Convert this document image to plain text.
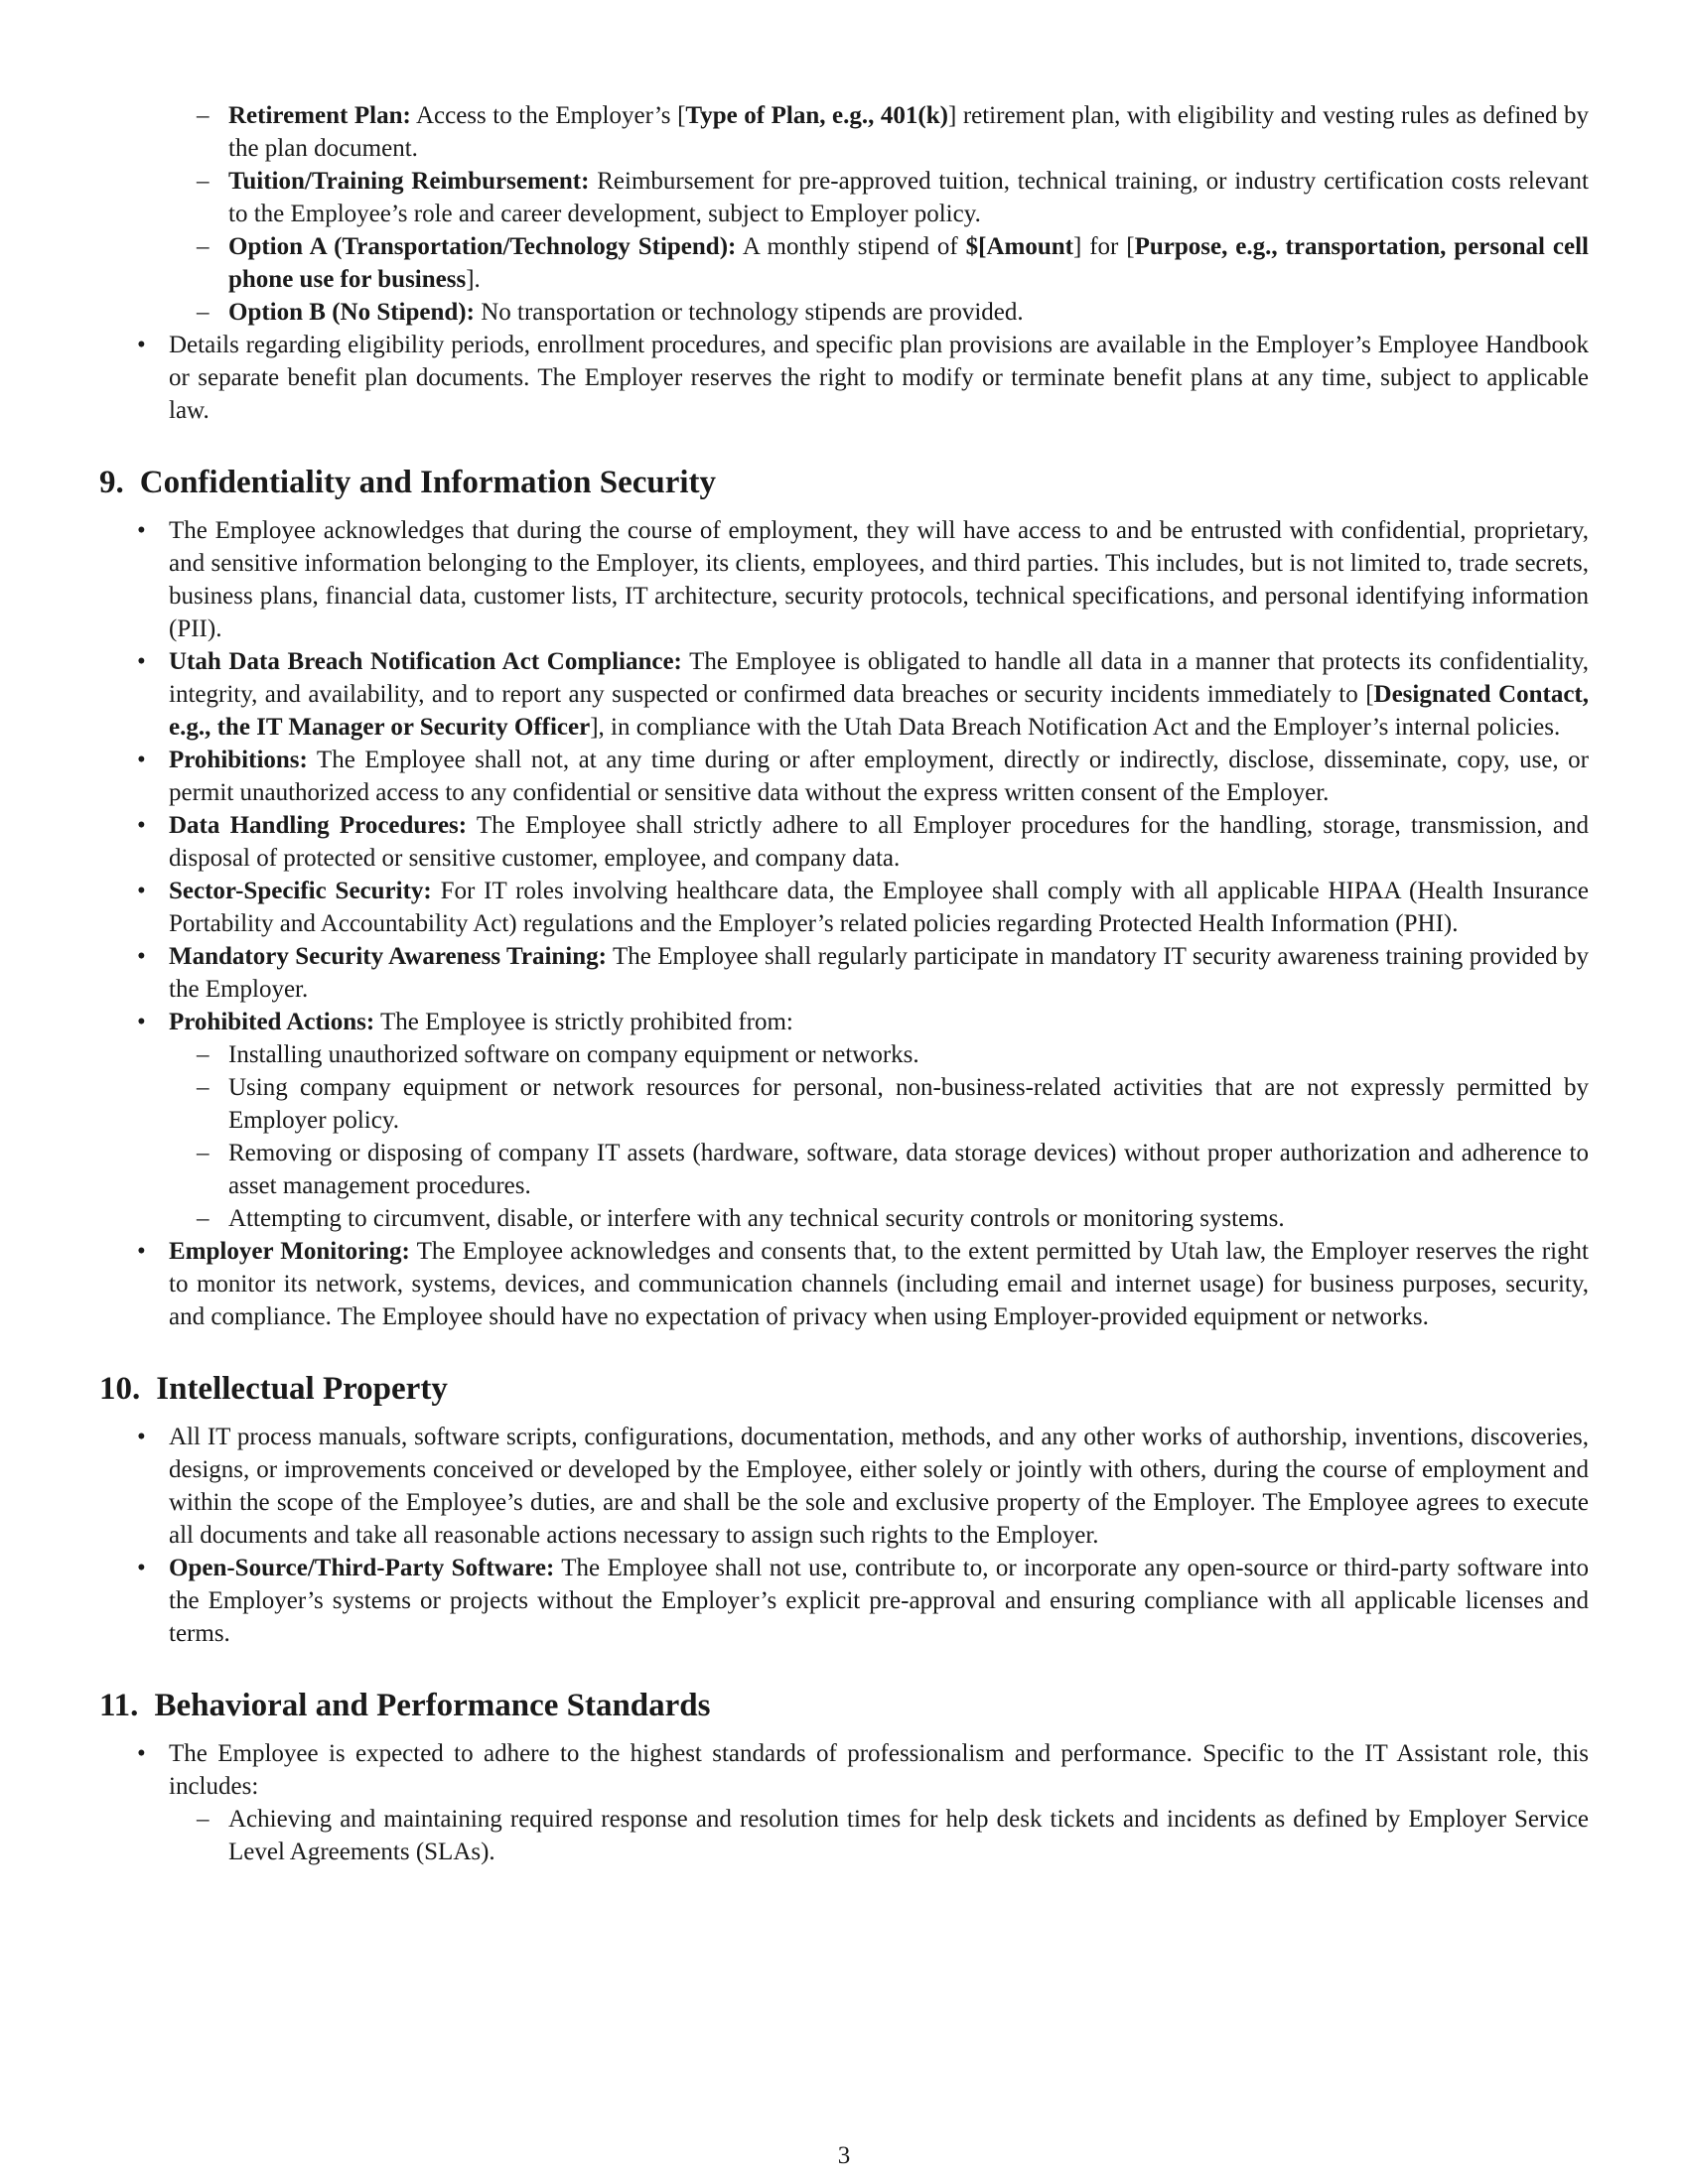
– Retirement Plan: Access to the Employer’s [Type of Plan, e.g., 401(k)] retirement plan, with eligibility and vesting rules as defined by the plan document.
– Tuition/Training Reimbursement: Reimbursement for pre-approved tuition, technical training, or industry certification costs relevant to the Employee’s role and career development, subject to Employer policy.
– Option A (Transportation/Technology Stipend): A monthly stipend of $[Amount] for [Purpose, e.g., transportation, personal cell phone use for business].
– Option B (No Stipend): No transportation or technology stipends are provided.
• Details regarding eligibility periods, enrollment procedures, and specific plan provisions are available in the Employer’s Employee Handbook or separate benefit plan documents. The Employer reserves the right to modify or terminate benefit plans at any time, subject to applicable law.
9. Confidentiality and Information Security
• The Employee acknowledges that during the course of employment, they will have access to and be entrusted with confidential, proprietary, and sensitive information belonging to the Employer, its clients, employees, and third parties. This includes, but is not limited to, trade secrets, business plans, financial data, customer lists, IT architecture, security protocols, technical specifications, and personal identifying information (PII).
• Utah Data Breach Notification Act Compliance: The Employee is obligated to handle all data in a manner that protects its confidentiality, integrity, and availability, and to report any suspected or confirmed data breaches or security incidents immediately to [Designated Contact, e.g., the IT Manager or Security Officer], in compliance with the Utah Data Breach Notification Act and the Employer’s internal policies.
• Prohibitions: The Employee shall not, at any time during or after employment, directly or indirectly, disclose, disseminate, copy, use, or permit unauthorized access to any confidential or sensitive data without the express written consent of the Employer.
• Data Handling Procedures: The Employee shall strictly adhere to all Employer procedures for the handling, storage, transmission, and disposal of protected or sensitive customer, employee, and company data.
• Sector-Specific Security: For IT roles involving healthcare data, the Employee shall comply with all applicable HIPAA (Health Insurance Portability and Accountability Act) regulations and the Employer’s related policies regarding Protected Health Information (PHI).
• Mandatory Security Awareness Training: The Employee shall regularly participate in mandatory IT security awareness training provided by the Employer.
• Prohibited Actions: The Employee is strictly prohibited from:
– Installing unauthorized software on company equipment or networks.
– Using company equipment or network resources for personal, non-business-related activities that are not expressly permitted by Employer policy.
– Removing or disposing of company IT assets (hardware, software, data storage devices) without proper authorization and adherence to asset management procedures.
– Attempting to circumvent, disable, or interfere with any technical security controls or monitoring systems.
• Employer Monitoring: The Employee acknowledges and consents that, to the extent permitted by Utah law, the Employer reserves the right to monitor its network, systems, devices, and communication channels (including email and internet usage) for business purposes, security, and compliance. The Employee should have no expectation of privacy when using Employer-provided equipment or networks.
10. Intellectual Property
• All IT process manuals, software scripts, configurations, documentation, methods, and any other works of authorship, inventions, discoveries, designs, or improvements conceived or developed by the Employee, either solely or jointly with others, during the course of employment and within the scope of the Employee’s duties, are and shall be the sole and exclusive property of the Employer. The Employee agrees to execute all documents and take all reasonable actions necessary to assign such rights to the Employer.
• Open-Source/Third-Party Software: The Employee shall not use, contribute to, or incorporate any open-source or third-party software into the Employer’s systems or projects without the Employer’s explicit pre-approval and ensuring compliance with all applicable licenses and terms.
11. Behavioral and Performance Standards
• The Employee is expected to adhere to the highest standards of professionalism and performance. Specific to the IT Assistant role, this includes:
– Achieving and maintaining required response and resolution times for help desk tickets and incidents as defined by Employer Service Level Agreements (SLAs).
3
